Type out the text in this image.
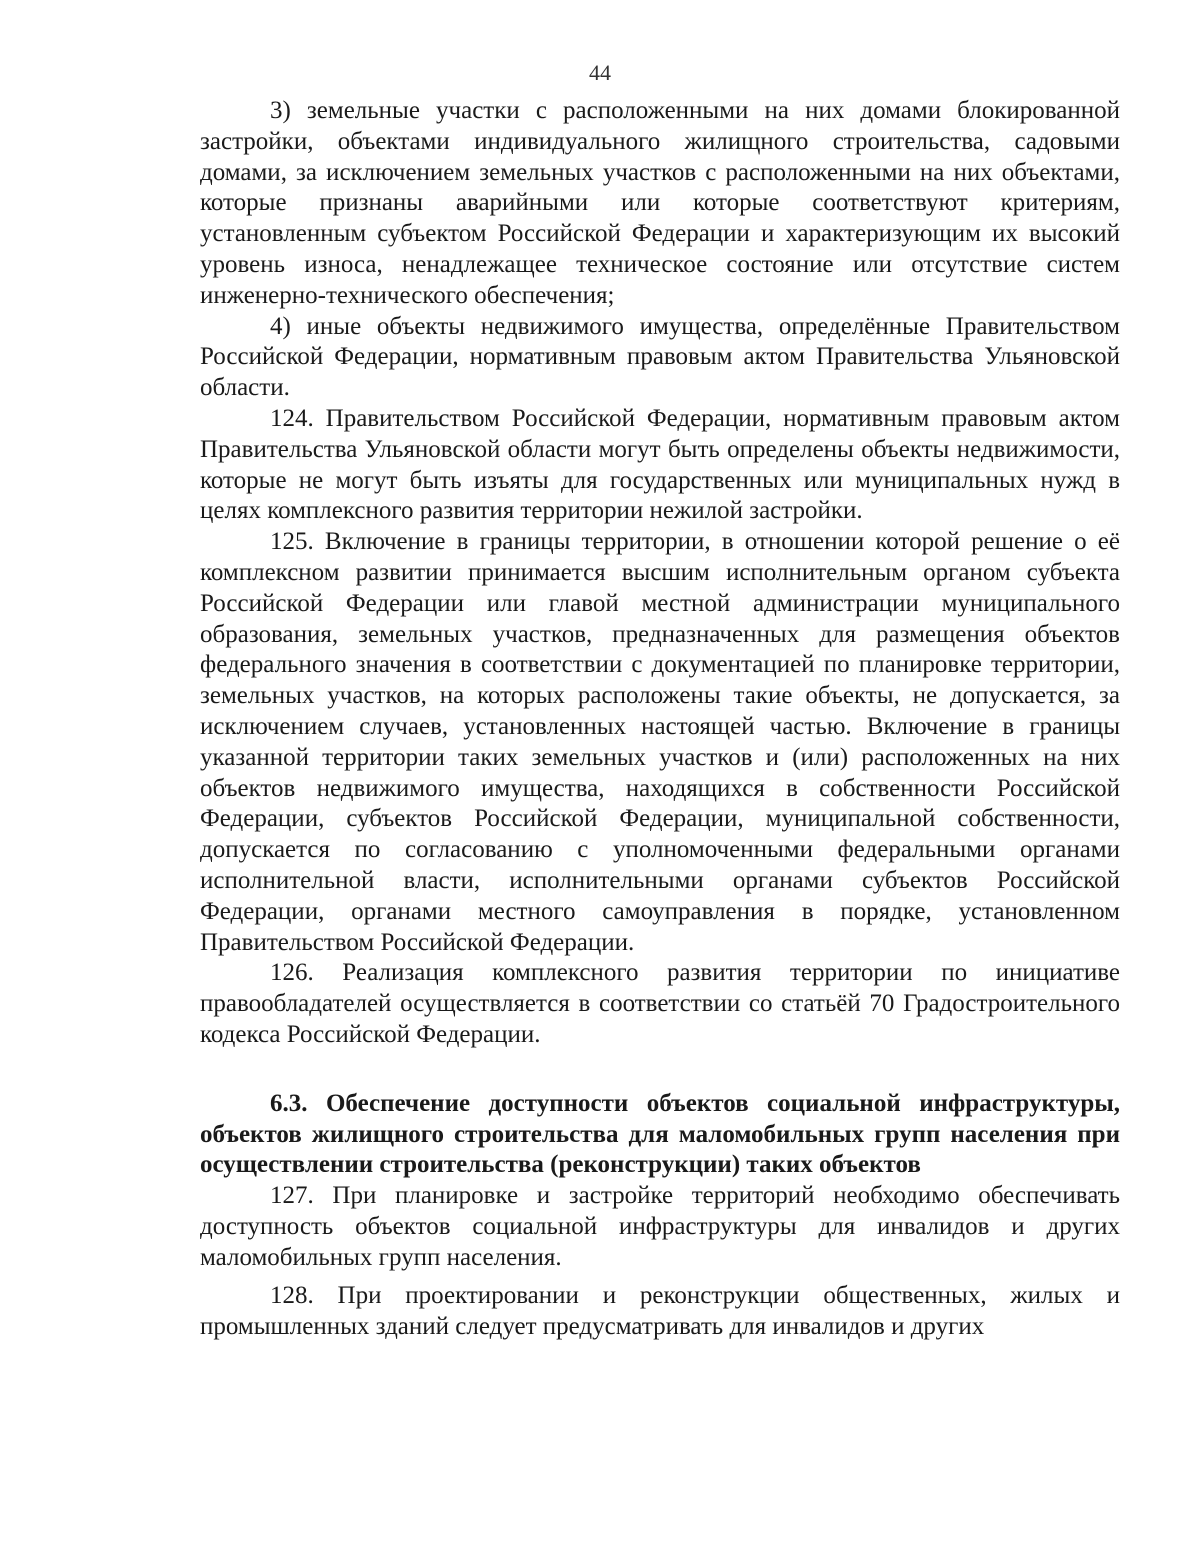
44

3) земельные участки с расположенными на них домами блокированной застройки, объектами индивидуального жилищного строительства, садовыми домами, за исключением земельных участков с расположенными на них объектами, которые признаны аварийными или которые соответствуют критериям, установленным субъектом Российской Федерации и характеризующим их высокий уровень износа, ненадлежащее техническое состояние или отсутствие систем инженерно-технического обеспечения;

4) иные объекты недвижимого имущества, определённые Правительством Российской Федерации, нормативным правовым актом Правительства Ульяновской области.

124. Правительством Российской Федерации, нормативным правовым актом Правительства Ульяновской области могут быть определены объекты недвижимости, которые не могут быть изъяты для государственных или муниципальных нужд в целях комплексного развития территории нежилой застройки.

125. Включение в границы территории, в отношении которой решение о её комплексном развитии принимается высшим исполнительным органом субъекта Российской Федерации или главой местной администрации муниципального образования, земельных участков, предназначенных для размещения объектов федерального значения в соответствии с документацией по планировке территории, земельных участков, на которых расположены такие объекты, не допускается, за исключением случаев, установленных настоящей частью. Включение в границы указанной территории таких земельных участков и (или) расположенных на них объектов недвижимого имущества, находящихся в собственности Российской Федерации, субъектов Российской Федерации, муниципальной собственности, допускается по согласованию с уполномоченными федеральными органами исполнительной власти, исполнительными органами субъектов Российской Федерации, органами местного самоуправления в порядке, установленном Правительством Российской Федерации.

126. Реализация комплексного развития территории по инициативе правообладателей осуществляется в соответствии со статьёй 70 Градостроительного кодекса Российской Федерации.

6.3. Обеспечение доступности объектов социальной инфраструктуры, объектов жилищного строительства для маломобильных групп населения при осуществлении строительства (реконструкции) таких объектов

127. При планировке и застройке территорий необходимо обеспечивать доступность объектов социальной инфраструктуры для инвалидов и других маломобильных групп населения.

128. При проектировании и реконструкции общественных, жилых и промышленных зданий следует предусматривать для инвалидов и других
